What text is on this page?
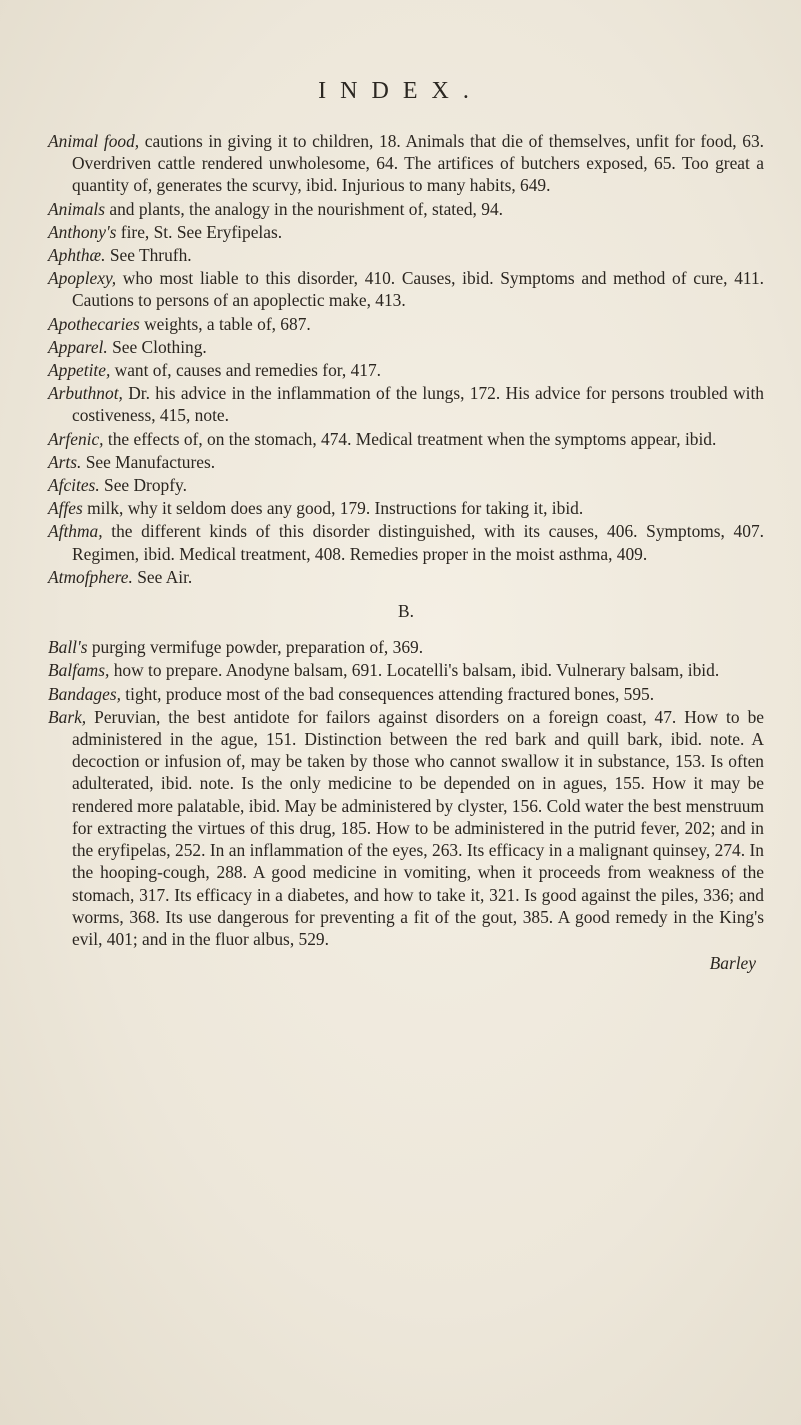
INDEX.

Animal food, cautions in giving it to children, 18. Animals that die of themselves, unfit for food, 63. Overdriven cattle rendered unwholesome, 64. The artifices of butchers exposed, 65. Too great a quantity of, generates the scurvy, ibid. Injurious to many habits, 649.

Animals and plants, the analogy in the nourishment of, stated, 94.

Anthony's fire, St. See Eryfipelas.

Aphthæ. See Thrufh.

Apoplexy, who most liable to this disorder, 410. Causes, ibid. Symptoms and method of cure, 411. Cautions to persons of an apoplectic make, 413.

Apothecaries weights, a table of, 687.

Apparel. See Clothing.

Appetite, want of, causes and remedies for, 417.

Arbuthnot, Dr. his advice in the inflammation of the lungs, 172. His advice for persons troubled with costiveness, 415, note.

Arfenic, the effects of, on the stomach, 474. Medical treatment when the symptoms appear, ibid.

Arts. See Manufactures.

Afcites. See Dropfy.

Affes milk, why it seldom does any good, 179. Instructions for taking it, ibid.

Afthma, the different kinds of this disorder distinguished, with its causes, 406. Symptoms, 407. Regimen, ibid. Medical treatment, 408. Remedies proper in the moist asthma, 409.

Atmofphere. See Air.

B.

Ball's purging vermifuge powder, preparation of, 369.

Balfams, how to prepare. Anodyne balsam, 691. Locatelli's balsam, ibid. Vulnerary balsam, ibid.

Bandages, tight, produce most of the bad consequences attending fractured bones, 595.

Bark, Peruvian, the best antidote for failors against disorders on a foreign coast, 47. How to be administered in the ague, 151. Distinction between the red bark and quill bark, ibid. note. A decoction or infusion of, may be taken by those who cannot swallow it in substance, 153. Is often adulterated, ibid. note. Is the only medicine to be depended on in agues, 155. How it may be rendered more palatable, ibid. May be administered by clyster, 156. Cold water the best menstruum for extracting the virtues of this drug, 185. How to be administered in the putrid fever, 202; and in the eryfipelas, 252. In an inflammation of the eyes, 263. Its efficacy in a malignant quinsey, 274. In the hooping-cough, 288. A good medicine in vomiting, when it proceeds from weakness of the stomach, 317. Its efficacy in a diabetes, and how to take it, 321. Is good against the piles, 336; and worms, 368. Its use dangerous for preventing a fit of the gout, 385. A good remedy in the King's evil, 401; and in the fluor albus, 529.

Barley
